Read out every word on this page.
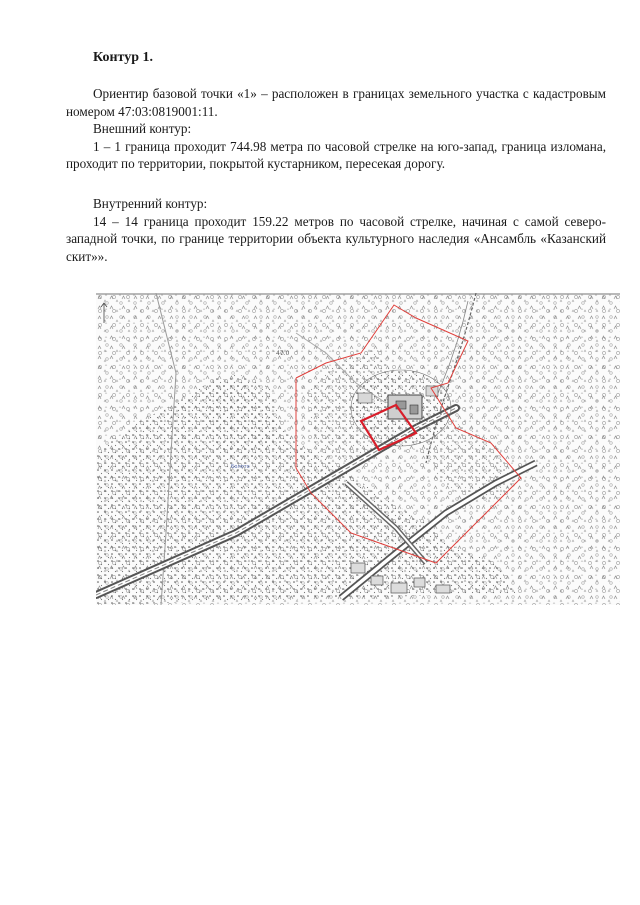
Контур 1.

Ориентир базовой точки «1» – расположен в границах земельного участка с кадастровым номером 47:03:0819001:11.

Внешний контур:

1 – 1 граница проходит 744.98 метра по часовой стрелке на юго-запад, граница изломана, проходит по территории, покрытой кустарником, пересекая дорогу.

Внутренний контур:

14 – 14 граница проходит 159.22 метров по часовой стрелке, начиная с самой северо-западной точки, по границе территории объекта культурного наследия «Ансамбль «Казанский скит»».

47.0
Болото
